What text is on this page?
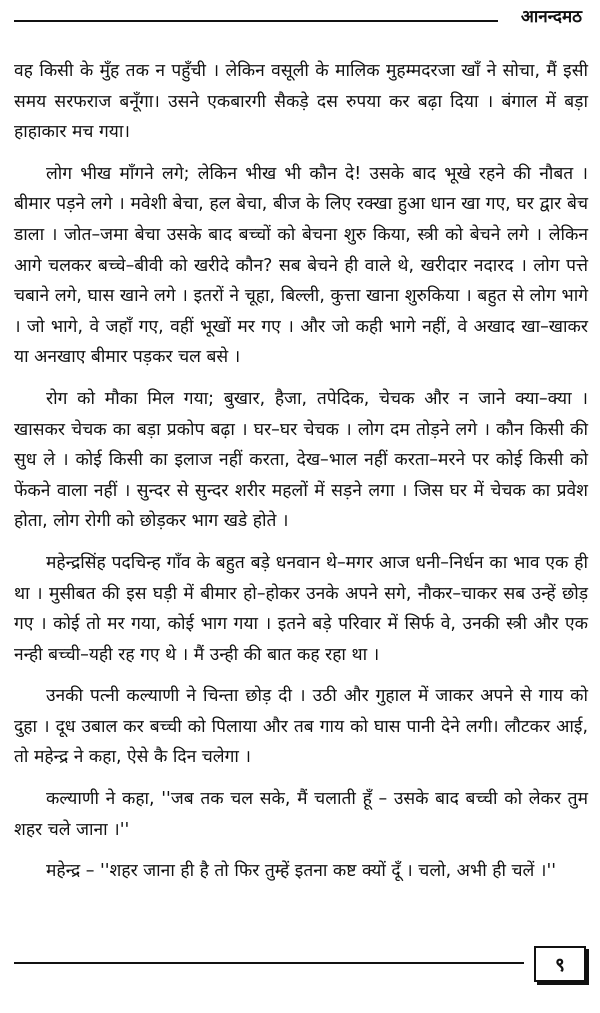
आनन्दमठ

वह किसी के मुँह तक न पहुँची । लेकिन वसूली के मालिक मुहम्मदरजा खाँ ने सोचा, मैं इसी समय सरफराज बनूँगा। उसने एकबारगी सैकड़े दस रुपया कर बढ़ा दिया । बंगाल में बड़ा हाहाकार मच गया।

लोग भीख माँगने लगे; लेकिन भीख भी कौन दे! उसके बाद भूखे रहने की नौबत । बीमार पड़ने लगे । मवेशी बेचा, हल बेचा, बीज के लिए रक्खा हुआ धान खा गए, घर द्वार बेच डाला । जोत–जमा बेचा उसके बाद बच्चों को बेचना शुरु किया, स्त्री को बेचने लगे । लेकिन आगे चलकर बच्चे–बीवी को खरीदे कौन? सब बेचने ही वाले थे, खरीदार नदारद । लोग पत्ते चबाने लगे, घास खाने लगे । इतरों ने चूहा, बिल्ली, कुत्ता खाना शुरुकिया । बहुत से लोग भागे । जो भागे, वे जहाँ गए, वहीं भूखों मर गए । और जो कही भागे नहीं, वे अखाद खा–खाकर या अनखाए बीमार पड़कर चल बसे ।

रोग को मौका मिल गया; बुखार, हैजा, तपेदिक, चेचक और न जाने क्या–क्या । खासकर चेचक का बड़ा प्रकोप बढ़ा । घर–घर चेचक । लोग दम तोड़ने लगे । कौन किसी की सुध ले । कोई किसी का इलाज नहीं करता, देख–भाल नहीं करता–मरने पर कोई किसी को फेंकने वाला नहीं । सुन्दर से सुन्दर शरीर महलों में सड़ने लगा । जिस घर में चेचक का प्रवेश होता, लोग रोगी को छोड़कर भाग खडे होते ।

महेन्द्रसिंह पदचिन्ह गाँव के बहुत बड़े धनवान थे–मगर आज धनी–निर्धन का भाव एक ही था । मुसीबत की इस घड़ी में बीमार हो–होकर उनके अपने सगे, नौकर–चाकर सब उन्हें छोड़ गए । कोई तो मर गया, कोई भाग गया । इतने बड़े परिवार में सिर्फ वे, उनकी स्त्री और एक नन्ही बच्ची–यही रह गए थे । मैं उन्ही की बात कह रहा था ।

उनकी पत्नी कल्याणी ने चिन्ता छोड़ दी । उठी और गुहाल में जाकर अपने से गाय को दुहा । दूध उबाल कर बच्ची को पिलाया और तब गाय को घास पानी देने लगी। लौटकर आई, तो महेन्द्र ने कहा, ऐसे कै दिन चलेगा ।

कल्याणी ने कहा, ''जब तक चल सके, मैं चलाती हूँ – उसके बाद बच्ची को लेकर तुम शहर चले जाना ।''

महेन्द्र – ''शहर जाना ही है तो फिर तुम्हें इतना कष्ट क्यों दूँ । चलो, अभी ही चलें ।''

९
